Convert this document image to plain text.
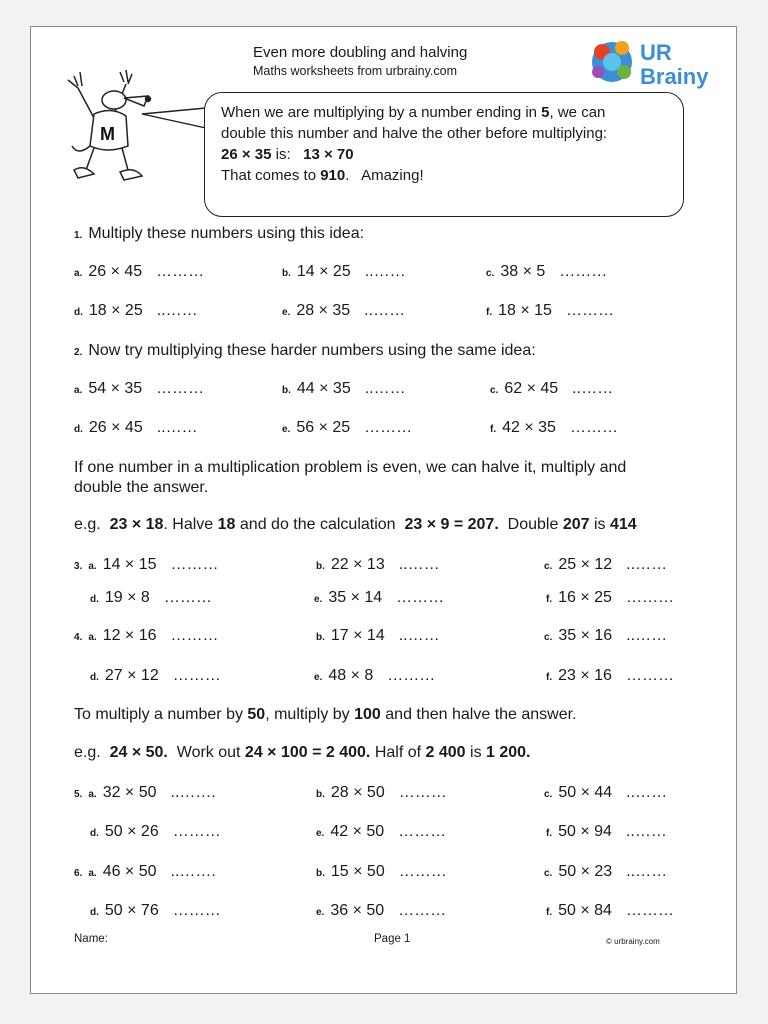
M
Even more doubling and halving
Maths worksheets from urbrainy.com
UR
Brainy
When we are multiplying by a number ending in 5, we can
double this number and halve the other before multiplying:
26 × 35 is:   13 × 70
That comes to 910.   Amazing!
1. Multiply these numbers using this idea:
a. 26 × 45 ………	b. 14 × 25 ..……	c. 38 × 5 ………
d. 18 × 25 ..……	e. 28 × 35 ..……	f. 18 × 15 ………
2. Now try multiplying these harder numbers using the same idea:
a. 54 × 35 ………	b. 44 × 35 ..……	c. 62 × 45 ..……
d. 26 × 45 ..……	e. 56 × 25 ………	f. 42 × 35 ………
If one number in a multiplication problem is even, we can halve it, multiply and
double the answer.
e.g.  23 × 18. Halve 18 and do the calculation  23 × 9 = 207.  Double 207 is 414
3. a. 14 × 15 ………	b. 22 × 13 ..……	c. 25 × 12 ..……
d. 19 × 8 ………	e. 35 × 14 ………	f. 16 × 25 ………
4. a. 12 × 16 ………	b. 17 × 14 ..……	c. 35 × 16 ..……
d. 27 × 12 ………	e. 48 × 8 ………	f. 23 × 16 ………
To multiply a number by 50, multiply by 100 and then halve the answer.
e.g.  24 × 50.  Work out 24 × 100 = 2 400. Half of 2 400 is 1 200.
5. a. 32 × 50 ..…….	b. 28 × 50 ………	c. 50 × 44 ..……
d. 50 × 26 ………	e. 42 × 50 ………	f. 50 × 94 ..……
6. a. 46 × 50 ..…….	b. 15 × 50 ………	c. 50 × 23 ..……
d. 50 × 76 ………	e. 36 × 50 ………	f. 50 × 84 ………
Name:	Page 1	© urbrainy.com
